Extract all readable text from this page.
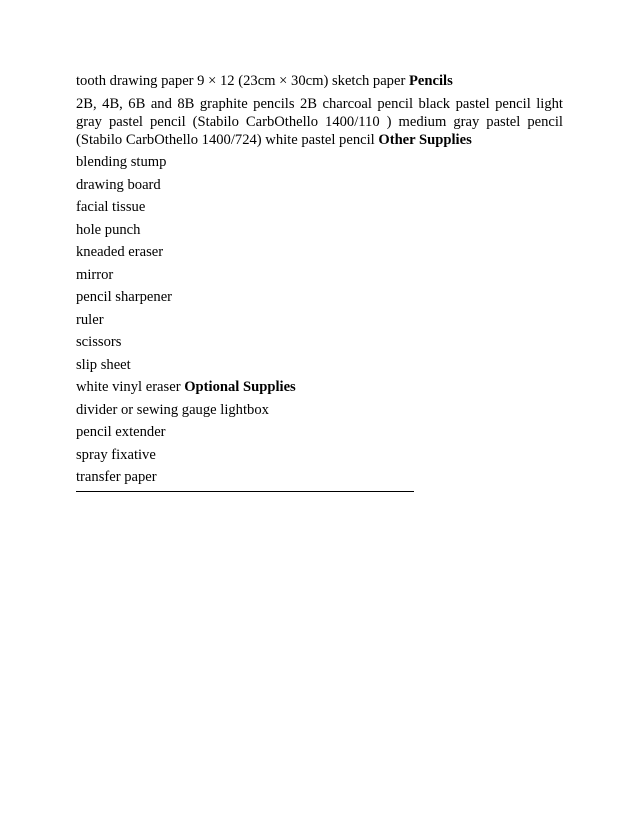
tooth drawing paper 9 × 12 (23cm × 30cm) sketch paper Pencils

2B, 4B, 6B and 8B graphite pencils 2B charcoal pencil black pastel pencil light gray pastel pencil (Stabilo CarbOthello 1400/110 ) medium gray pastel pencil (Stabilo CarbOthello 1400/724) white pastel pencil Other Supplies

blending stump

drawing board

facial tissue

hole punch

kneaded eraser

mirror

pencil sharpener

ruler

scissors

slip sheet

white vinyl eraser Optional Supplies

divider or sewing gauge lightbox

pencil extender

spray fixative

transfer paper
